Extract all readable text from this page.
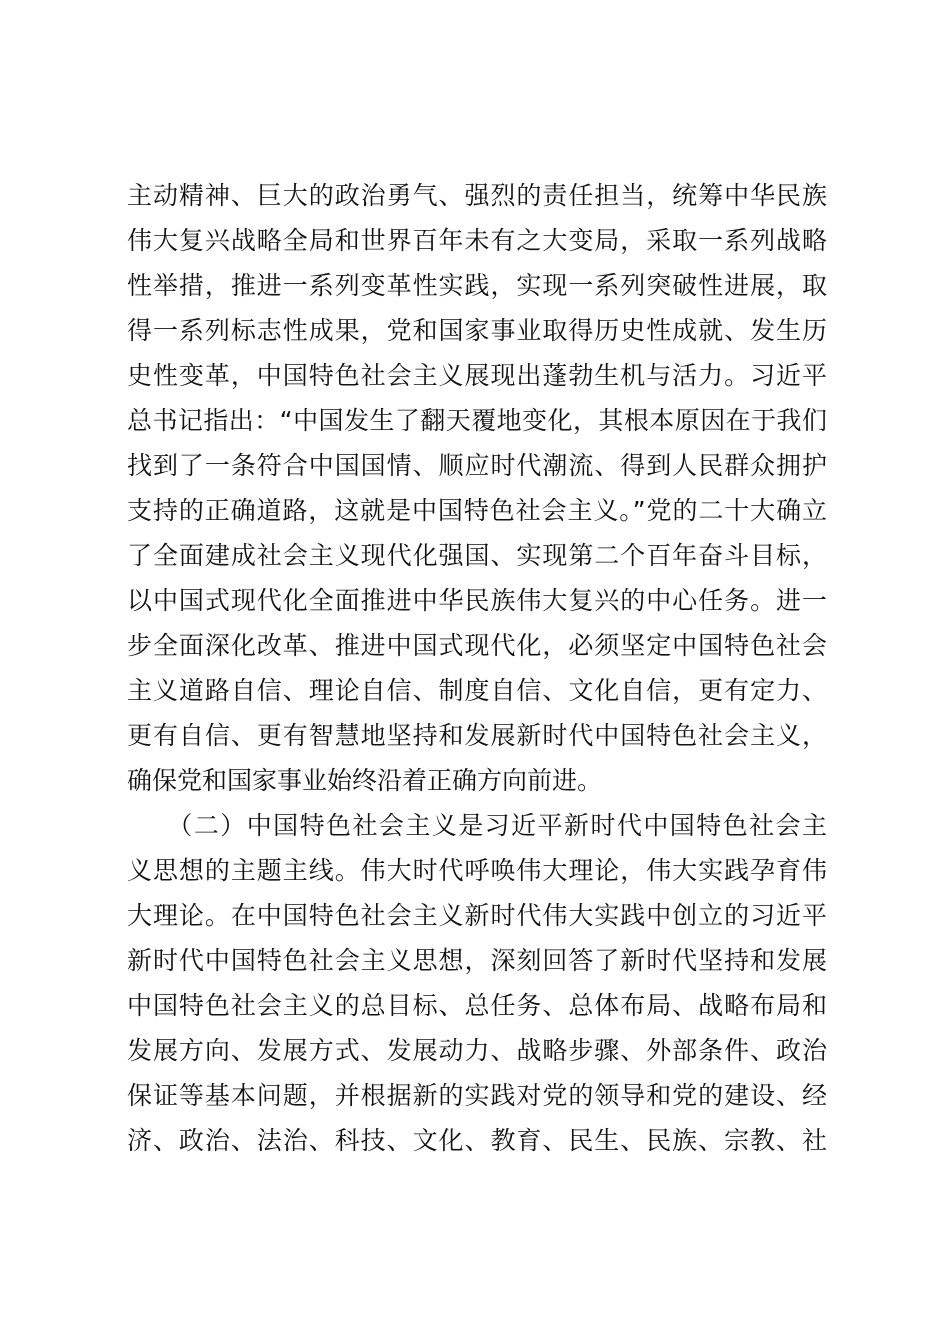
主动精神、巨大的政治勇气、强烈的责任担当，统筹中华民族
伟大复兴战略全局和世界百年未有之大变局，采取一系列战略
性举措，推进一系列变革性实践，实现一系列突破性进展，取
得一系列标志性成果，党和国家事业取得历史性成就、发生历
史性变革，中国特色社会主义展现出蓬勃生机与活力。习近平
总书记指出：“中国发生了翻天覆地变化，其根本原因在于我们
找到了一条符合中国国情、顺应时代潮流、得到人民群众拥护
支持的正确道路，这就是中国特色社会主义。”党的二十大确立
了全面建成社会主义现代化强国、实现第二个百年奋斗目标，
以中国式现代化全面推进中华民族伟大复兴的中心任务。进一
步全面深化改革、推进中国式现代化，必须坚定中国特色社会
主义道路自信、理论自信、制度自信、文化自信，更有定力、
更有自信、更有智慧地坚持和发展新时代中国特色社会主义，
确保党和国家事业始终沿着正确方向前进。
　　（二）中国特色社会主义是习近平新时代中国特色社会主
义思想的主题主线。伟大时代呼唤伟大理论，伟大实践孕育伟
大理论。在中国特色社会主义新时代伟大实践中创立的习近平
新时代中国特色社会主义思想，深刻回答了新时代坚持和发展
中国特色社会主义的总目标、总任务、总体布局、战略布局和
发展方向、发展方式、发展动力、战略步骤、外部条件、政治
保证等基本问题，并根据新的实践对党的领导和党的建设、经
济、政治、法治、科技、文化、教育、民生、民族、宗教、社
